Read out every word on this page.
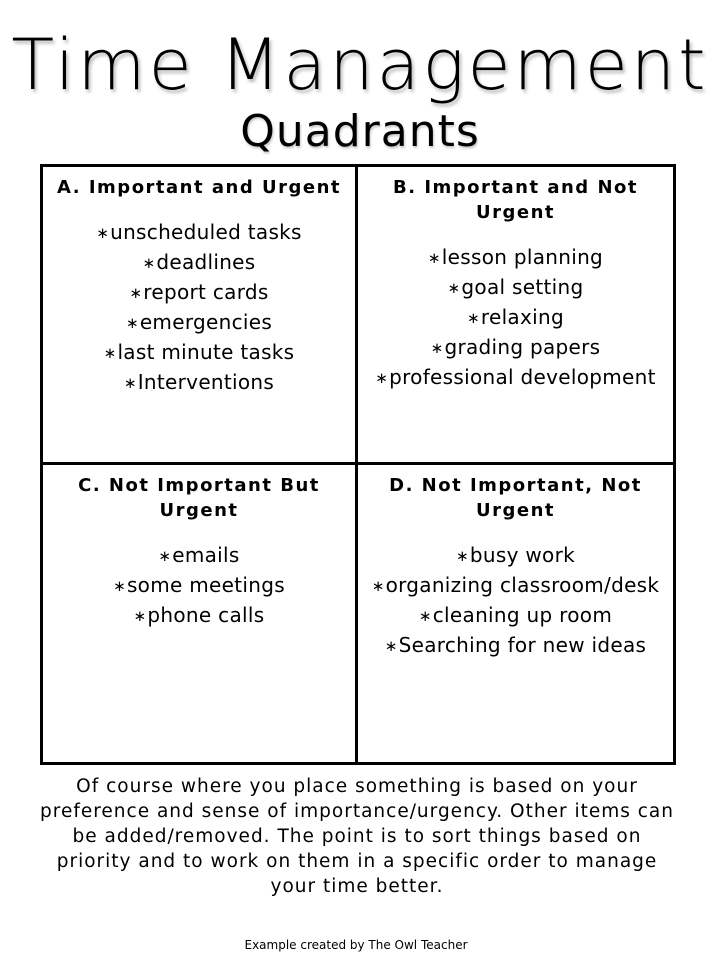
Time Management
Quadrants
A. Important and Urgent
∗unscheduled tasks
∗deadlines
∗report cards
∗emergencies
∗last minute tasks
∗Interventions
B. Important and Not Urgent
∗lesson planning
∗goal setting
∗relaxing
∗grading papers
∗professional development
C. Not Important But Urgent
∗emails
∗some meetings
∗phone calls
D. Not Important, Not Urgent
∗busy work
∗organizing classroom/desk
∗cleaning up room
∗Searching for new ideas
Of course where you place something is based on your preference and sense of importance/urgency. Other items can be added/removed. The point is to sort things based on priority and to work on them in a specific order to manage your time better.
Example created by The Owl Teacher
